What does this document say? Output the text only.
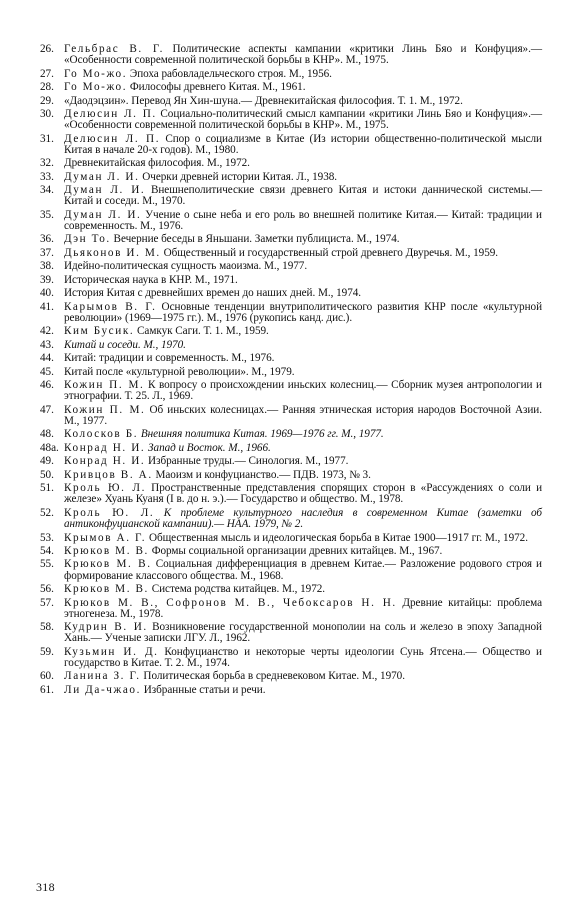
26. Гельбрас В. Г. Политические аспекты кампании «критики Линь Бяо и Конфуция».— «Особенности современной политической борьбы в КНР». М., 1975.
27. Го Мо-жо. Эпоха рабовладельческого строя. М., 1956.
28. Го Мо-жо. Философы древнего Китая. М., 1961.
29. «Даодэцзин». Перевод Ян Хин-шуна.— Древнекитайская философия. Т. 1. М., 1972.
30. Делюсин Л. П. Социально-политический смысл кампании «критики Линь Бяо и Конфуция».— «Особенности современной политической борьбы в КНР». М., 1975.
31. Делюсин Л. П. Спор о социализме в Китае (Из истории общественно-политической мысли Китая в начале 20-х годов). М., 1980.
32. Древнекитайская философия. М., 1972.
33. Думан Л. И. Очерки древней истории Китая. Л., 1938.
34. Думан Л. И. Внешнеполитические связи древнего Китая и истоки даннической системы.— Китай и соседи. М., 1970.
35. Думан Л. И. Учение о сыне неба и его роль во внешней политике Китая.— Китай: традиции и современность. М., 1976.
36. Дэн То. Вечерние беседы в Яньшани. Заметки публициста. М., 1974.
37. Дьяконов И. М. Общественный и государственный строй древнего Двуречья. М., 1959.
38. Идейно-политическая сущность маоизма. М., 1977.
39. Историческая наука в КНР. М., 1971.
40. История Китая с древнейших времен до наших дней. М., 1974.
41. Карымов В. Г. Основные тенденции внутриполитического развития КНР после «культурной революции» (1969—1975 гг.). М., 1976 (рукопись канд. дис.).
42. Ким Бусик. Самкук Саги. Т. 1. М., 1959.
43. Китай и соседи. М., 1970.
44. Китай: традиции и современность. М., 1976.
45. Китай после «культурной революции». М., 1979.
46. Кожин П. М. К вопросу о происхождении иньских колесниц.— Сборник музея антропологии и этнографии. Т. 25. Л., 1969.
47. Кожин П. М. Об иньских колесницах.— Ранняя этническая история народов Восточной Азии. М., 1977.
48. Колосков Б. Внешняя политика Китая. 1969—1976 гг. М., 1977.
48а. Конрад Н. И. Запад и Восток. М., 1966.
49. Конрад Н. И. Избранные труды.— Синология. М., 1977.
50. Кривцов В. А. Маоизм и конфуцианство.— ПДВ. 1973, № 3.
51. Кроль Ю. Л. Пространственные представления спорящих сторон в «Рассуждениях о соли и железе» Хуань Куаня (I в. до н. э.).— Государство и общество. М., 1978.
52. Кроль Ю. Л. К проблеме культурного наследия в современном Китае (заметки об антиконфуцианской кампании).— НАА. 1979, № 2.
53. Крымов А. Г. Общественная мысль и идеологическая борьба в Китае 1900—1917 гг. М., 1972.
54. Крюков М. В. Формы социальной организации древних китайцев. М., 1967.
55. Крюков М. В. Социальная дифференциация в древнем Китае.— Разложение родового строя и формирование классового общества. М., 1968.
56. Крюков М. В. Система родства китайцев. М., 1972.
57. Крюков М. В., Софронов М. В., Чебоксаров Н. Н. Древние китайцы: проблема этногенеза. М., 1978.
58. Кудрин В. И. Возникновение государственной монополии на соль и железо в эпоху Западной Хань.— Ученые записки ЛГУ. Л., 1962.
59. Кузьмин И. Д. Конфуцианство и некоторые черты идеологии Сунь Ятсена.— Общество и государство в Китае. Т. 2. М., 1974.
60. Ланина З. Г. Политическая борьба в средневековом Китае. М., 1970.
61. Ли Да-чжао. Избранные статьи и речи.
318
